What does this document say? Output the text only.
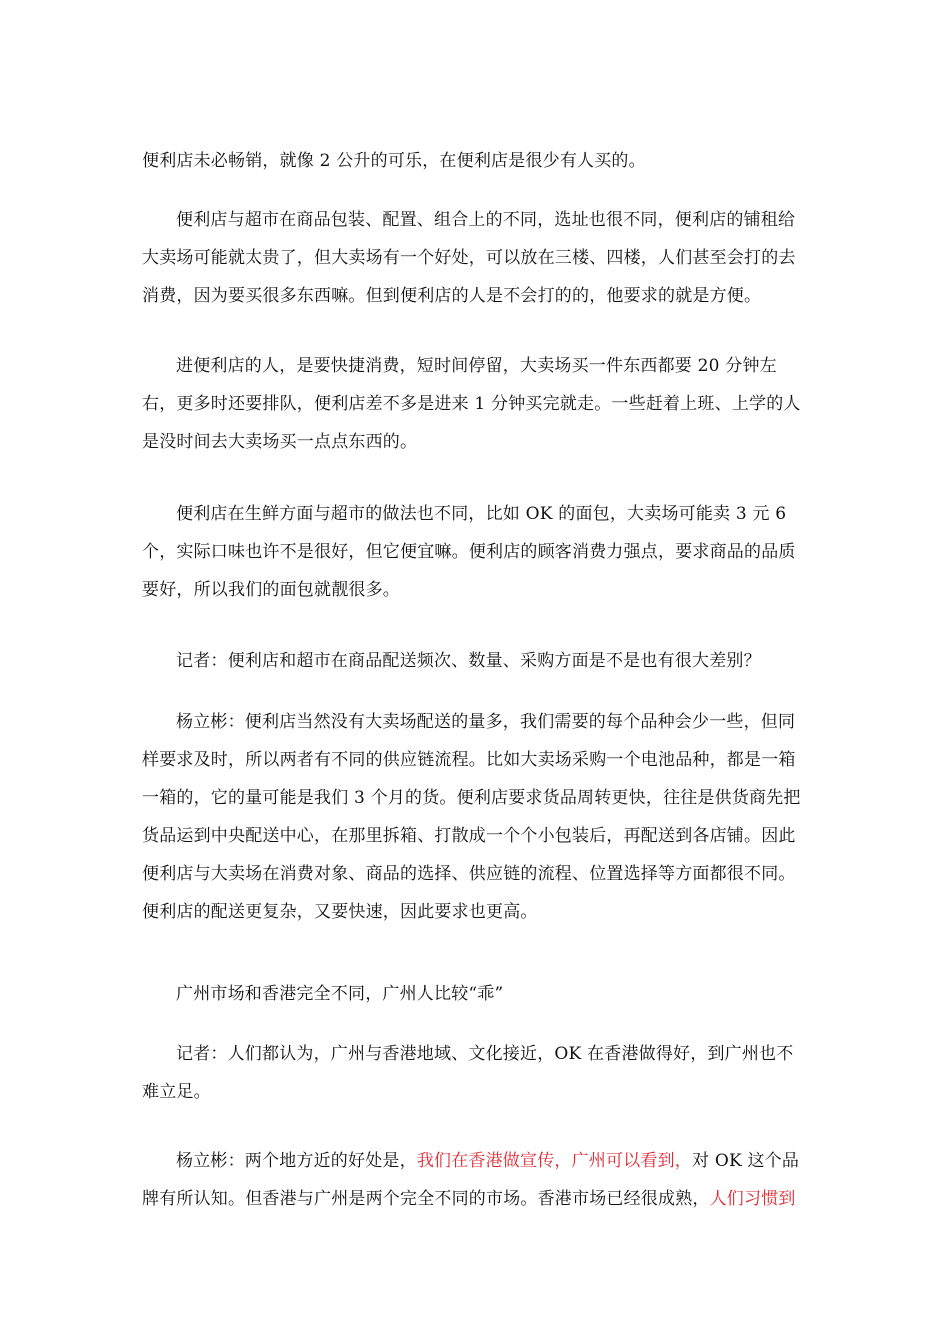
便利店未必畅销，就像 2 公升的可乐，在便利店是很少有人买的。

便利店与超市在商品包装、配置、组合上的不同，选址也很不同，便利店的铺租给
大卖场可能就太贵了，但大卖场有一个好处，可以放在三楼、四楼，人们甚至会打的去
消费，因为要买很多东西嘛。但到便利店的人是不会打的的，他要求的就是方便。

进便利店的人，是要快捷消费，短时间停留，大卖场买一件东西都要 20 分钟左
右，更多时还要排队，便利店差不多是进来 1 分钟买完就走。一些赶着上班、上学的人
是没时间去大卖场买一点点东西的。

便利店在生鲜方面与超市的做法也不同，比如 OK 的面包，大卖场可能卖 3 元 6
个，实际口味也许不是很好，但它便宜嘛。便利店的顾客消费力强点，要求商品的品质
要好，所以我们的面包就靓很多。

记者：便利店和超市在商品配送频次、数量、采购方面是不是也有很大差别？

杨立彬：便利店当然没有大卖场配送的量多，我们需要的每个品种会少一些，但同
样要求及时，所以两者有不同的供应链流程。比如大卖场采购一个电池品种，都是一箱
一箱的，它的量可能是我们 3 个月的货。便利店要求货品周转更快，往往是供货商先把
货品运到中央配送中心，在那里拆箱、打散成一个个小包装后，再配送到各店铺。因此
便利店与大卖场在消费对象、商品的选择、供应链的流程、位置选择等方面都很不同。
便利店的配送更复杂，又要快速，因此要求也更高。

广州市场和香港完全不同，广州人比较“乖”

记者：人们都认为，广州与香港地域、文化接近，OK 在香港做得好，到广州也不
难立足。

杨立彬：两个地方近的好处是，我们在香港做宣传，广州可以看到，对 OK 这个品
牌有所认知。但香港与广州是两个完全不同的市场。香港市场已经很成熟，人们习惯到
